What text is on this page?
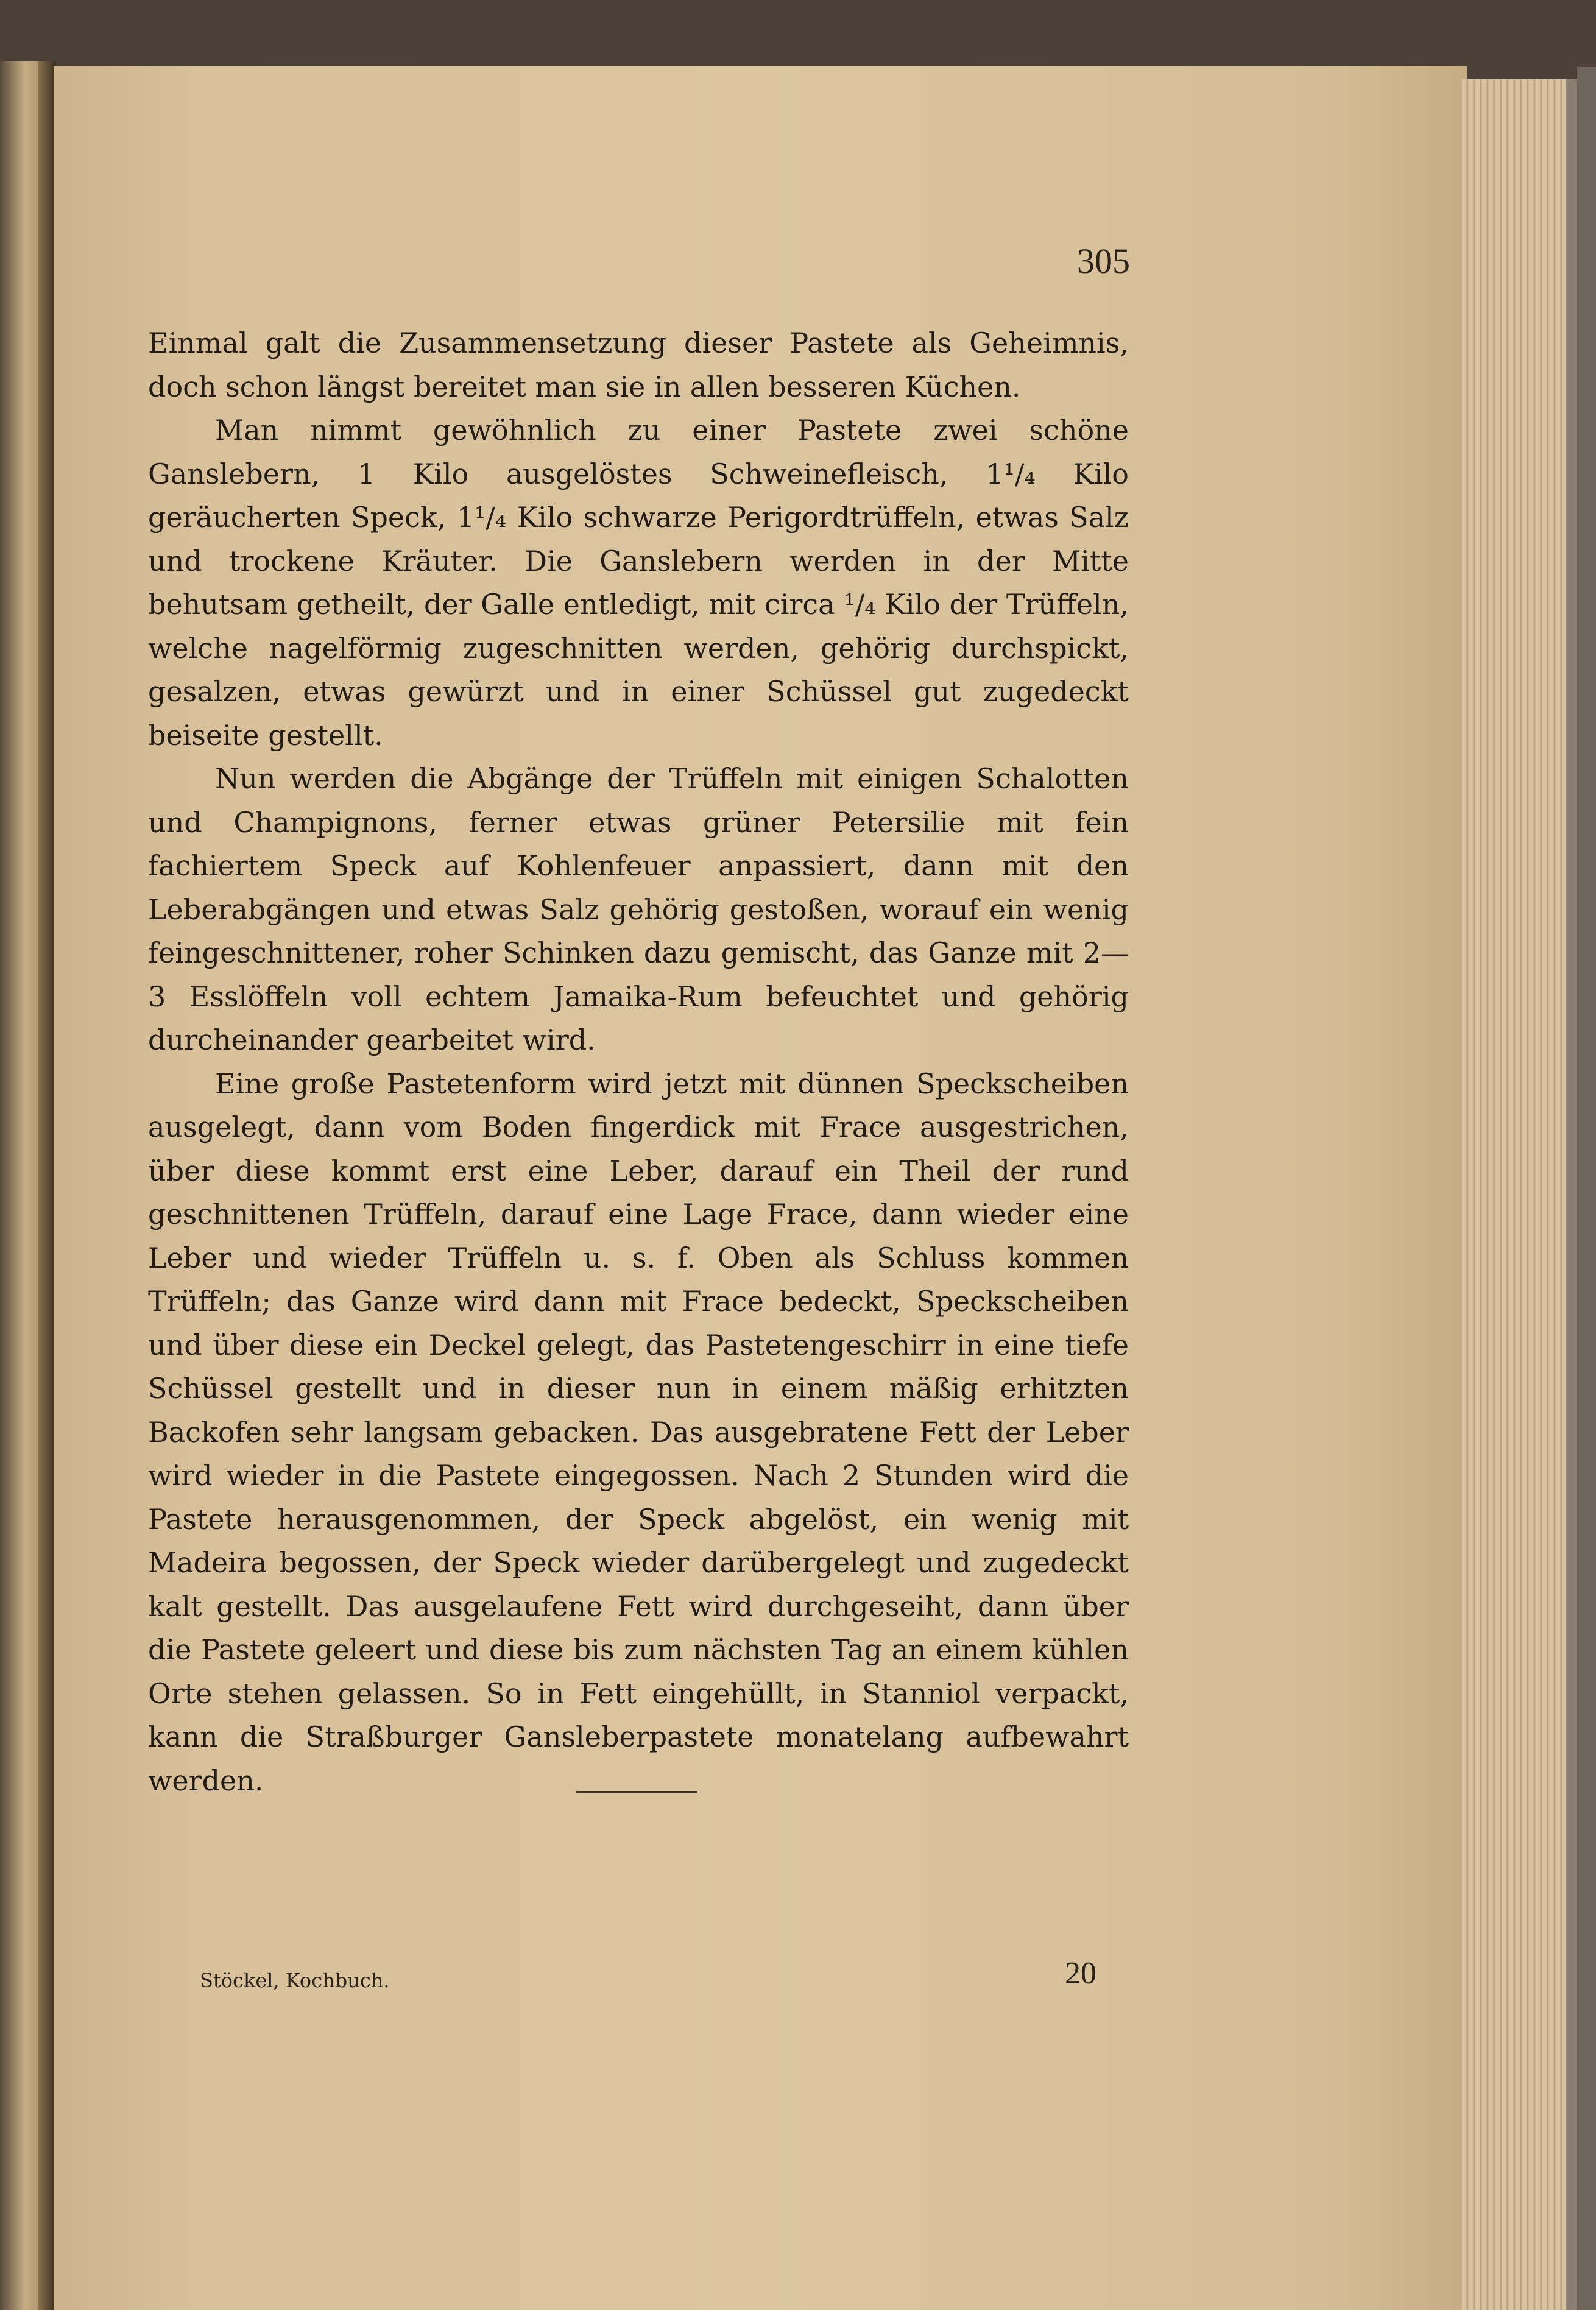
305

Einmal galt die Zusammensetzung dieser Pastete als Geheimnis, doch schon längst bereitet man sie in allen besseren Küchen.

Man nimmt gewöhnlich zu einer Pastete zwei schöne Ganslebern, 1 Kilo ausgelöstes Schweinefleisch, 1¹/₄ Kilo geräucherten Speck, 1¹/₄ Kilo schwarze Perigordtrüffeln, etwas Salz und trockene Kräuter. Die Ganslebern werden in der Mitte behutsam getheilt, der Galle entledigt, mit circa ¹/₄ Kilo der Trüffeln, welche nagelförmig zugeschnitten werden, gehörig durchspickt, gesalzen, etwas gewürzt und in einer Schüssel gut zugedeckt beiseite gestellt.

Nun werden die Abgänge der Trüffeln mit einigen Schalotten und Champignons, ferner etwas grüner Petersilie mit fein fachiertem Speck auf Kohlenfeuer anpassiert, dann mit den Leberabgängen und etwas Salz gehörig gestoßen, worauf ein wenig feingeschnittener, roher Schinken dazu gemischt, das Ganze mit 2—3 Esslöffeln voll echtem Jamaika-Rum befeuchtet und gehörig durcheinander gearbeitet wird.

Eine große Pastetenform wird jetzt mit dünnen Speckscheiben ausgelegt, dann vom Boden fingerdick mit Frace ausgestrichen, über diese kommt erst eine Leber, darauf ein Theil der rund geschnittenen Trüffeln, darauf eine Lage Frace, dann wieder eine Leber und wieder Trüffeln u. s. f. Oben als Schluss kommen Trüffeln; das Ganze wird dann mit Frace bedeckt, Speckscheiben und über diese ein Deckel gelegt, das Pastetengeschirr in eine tiefe Schüssel gestellt und in dieser nun in einem mäßig erhitzten Backofen sehr langsam gebacken. Das ausgebratene Fett der Leber wird wieder in die Pastete eingegossen. Nach 2 Stunden wird die Pastete herausgenommen, der Speck abgelöst, ein wenig mit Madeira begossen, der Speck wieder darübergelegt und zugedeckt kalt gestellt. Das ausgelaufene Fett wird durchgeseiht, dann über die Pastete geleert und diese bis zum nächsten Tag an einem kühlen Orte stehen gelassen. So in Fett eingehüllt, in Stanniol verpackt, kann die Straßburger Gansleberpastete monatelang aufbewahrt werden.

Stöckel, Kochbuch.	20
